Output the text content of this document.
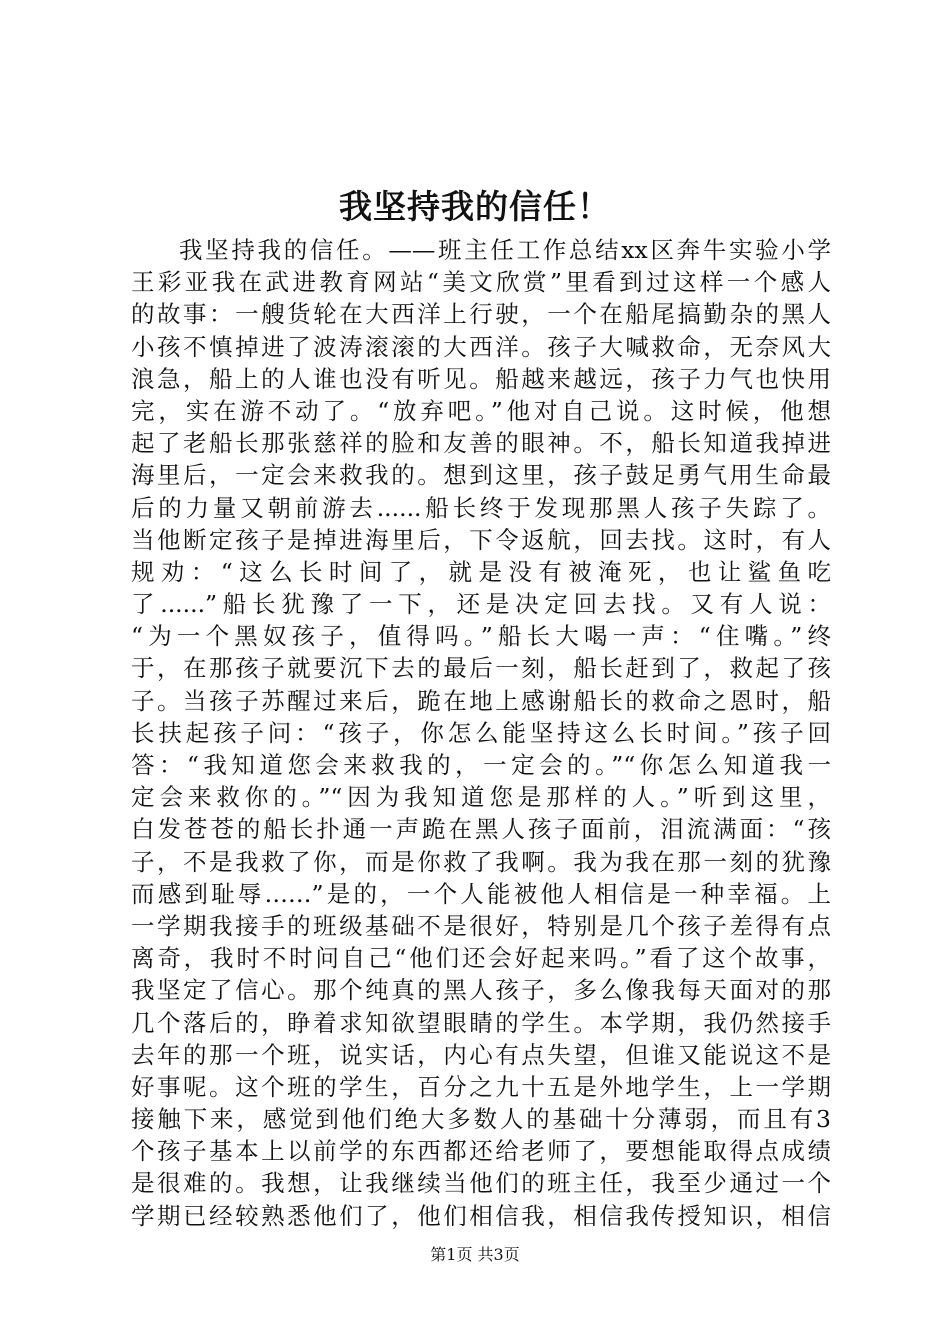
我坚持我的信任！
我坚持我的信任。——班主任工作总结xx区奔牛实验小学
王彩亚我在武进教育网站“美文欣赏”里看到过这样一个感人
的故事：一艘货轮在大西洋上行驶，一个在船尾搞勤杂的黑人
小孩不慎掉进了波涛滚滚的大西洋。孩子大喊救命，无奈风大
浪急，船上的人谁也没有听见。船越来越远，孩子力气也快用
完，实在游不动了。“放弃吧。”他对自己说。这时候，他想
起了老船长那张慈祥的脸和友善的眼神。不，船长知道我掉进
海里后，一定会来救我的。想到这里，孩子鼓足勇气用生命最
后的力量又朝前游去......船长终于发现那黑人孩子失踪了。
当他断定孩子是掉进海里后，下令返航，回去找。这时，有人
规劝：“这么长时间了，就是没有被淹死，也让鲨鱼吃
了......”船长犹豫了一下，还是决定回去找。又有人说：
“为一个黑奴孩子，值得吗。”船长大喝一声：“住嘴。”终
于，在那孩子就要沉下去的最后一刻，船长赶到了，救起了孩
子。当孩子苏醒过来后，跪在地上感谢船长的救命之恩时，船
长扶起孩子问：“孩子，你怎么能坚持这么长时间。”孩子回
答：“我知道您会来救我的，一定会的。”“你怎么知道我一
定会来救你的。”“因为我知道您是那样的人。”听到这里，
白发苍苍的船长扑通一声跪在黑人孩子面前，泪流满面：“孩
子，不是我救了你，而是你救了我啊。我为我在那一刻的犹豫
而感到耻辱……”是的，一个人能被他人相信是一种幸福。上
一学期我接手的班级基础不是很好，特别是几个孩子差得有点
离奇，我时不时问自己“他们还会好起来吗。”看了这个故事，
我坚定了信心。那个纯真的黑人孩子，多么像我每天面对的那
几个落后的，睁着求知欲望眼睛的学生。本学期，我仍然接手
去年的那一个班，说实话，内心有点失望，但谁又能说这不是
好事呢。这个班的学生，百分之九十五是外地学生，上一学期
接触下来，感觉到他们绝大多数人的基础十分薄弱，而且有3
个孩子基本上以前学的东西都还给老师了，要想能取得点成绩
是很难的。我想，让我继续当他们的班主任，我至少通过一个
学期已经较熟悉他们了，他们相信我，相信我传授知识，相信
第1页 共3页
